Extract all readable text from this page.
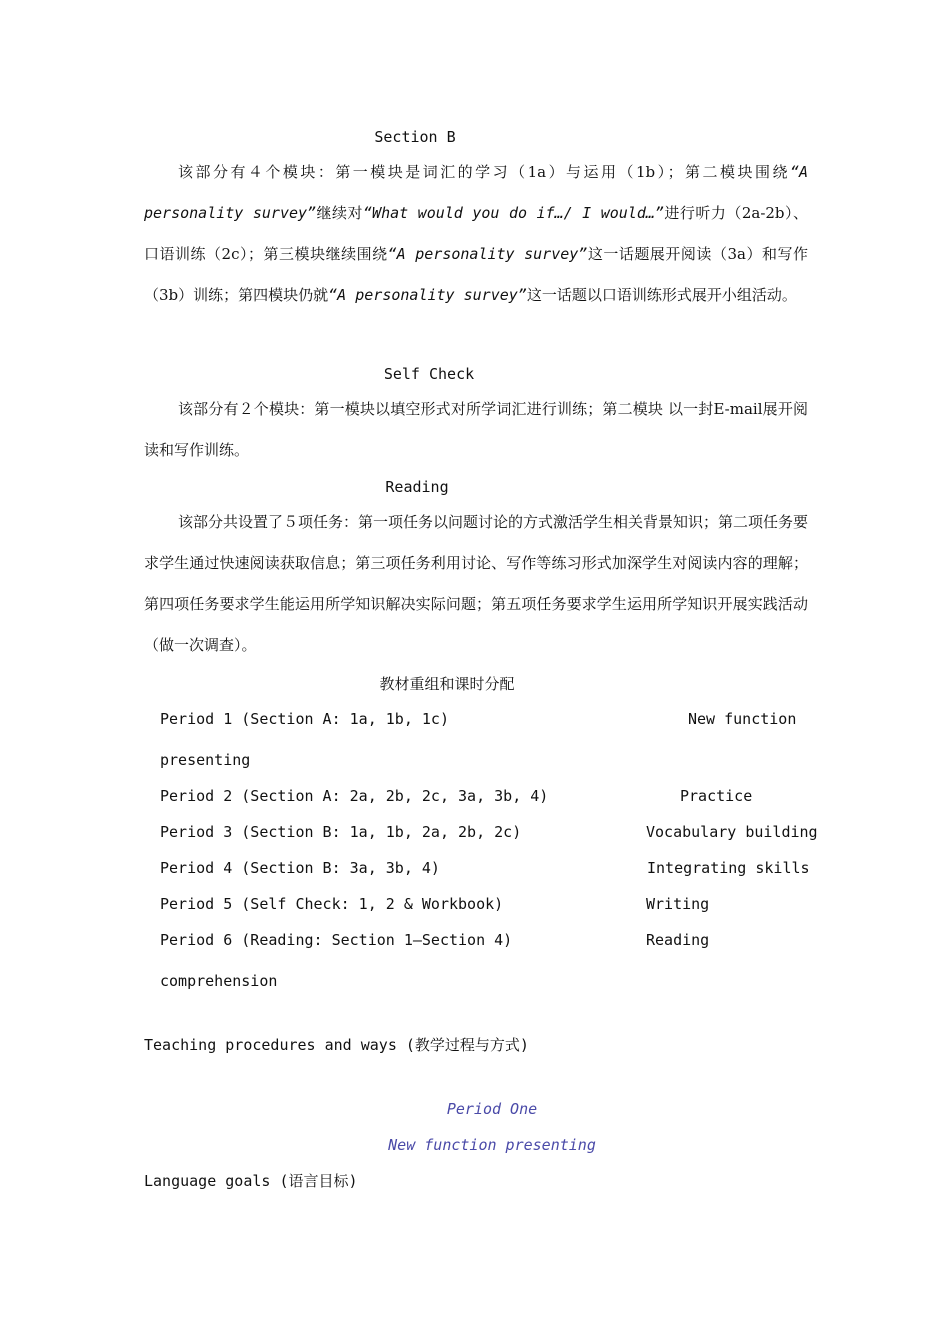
Section B
该部分有４个模块：第一模块是词汇的学习（1a）与运用（1b）；第二模块围绕“A personality survey”继续对“What would you do if…/ I would…”进行听力（2a-2b）、口语训练（2c）；第三模块继续围绕“A personality survey”这一话题展开阅读（3a）和写作（3b）训练；第四模块仍就“A personality survey”这一话题以口语训练形式展开小组活动。
Self Check
该部分有２个模块：第一模块以填空形式对所学词汇进行训练；第二模块 以一封E-mail展开阅读和写作训练。
Reading
该部分共设置了５项任务：第一项任务以问题讨论的方式激活学生相关背景知识；第二项任务要求学生通过快速阅读获取信息；第三项任务利用讨论、写作等练习形式加深学生对阅读内容的理解；第四项任务要求学生能运用所学知识解决实际问题；第五项任务要求学生运用所学知识开展实践活动（做一次调查）。
教材重组和课时分配
Period 1 (Section A: 1a, 1b, 1c)	New function
presenting
Period 2 (Section A: 2a, 2b, 2c, 3a, 3b, 4)	Practice
Period 3 (Section B: 1a, 1b, 2a, 2b, 2c)	Vocabulary building
Period 4 (Section B: 3a, 3b, 4)	Integrating skills
Period 5 (Self Check: 1, 2 & Workbook)	Writing
Period 6 (Reading: Section 1—Section 4)	Reading
comprehension
Teaching procedures and ways (教学过程与方式)
Period One
New function presenting
Language goals (语言目标)
